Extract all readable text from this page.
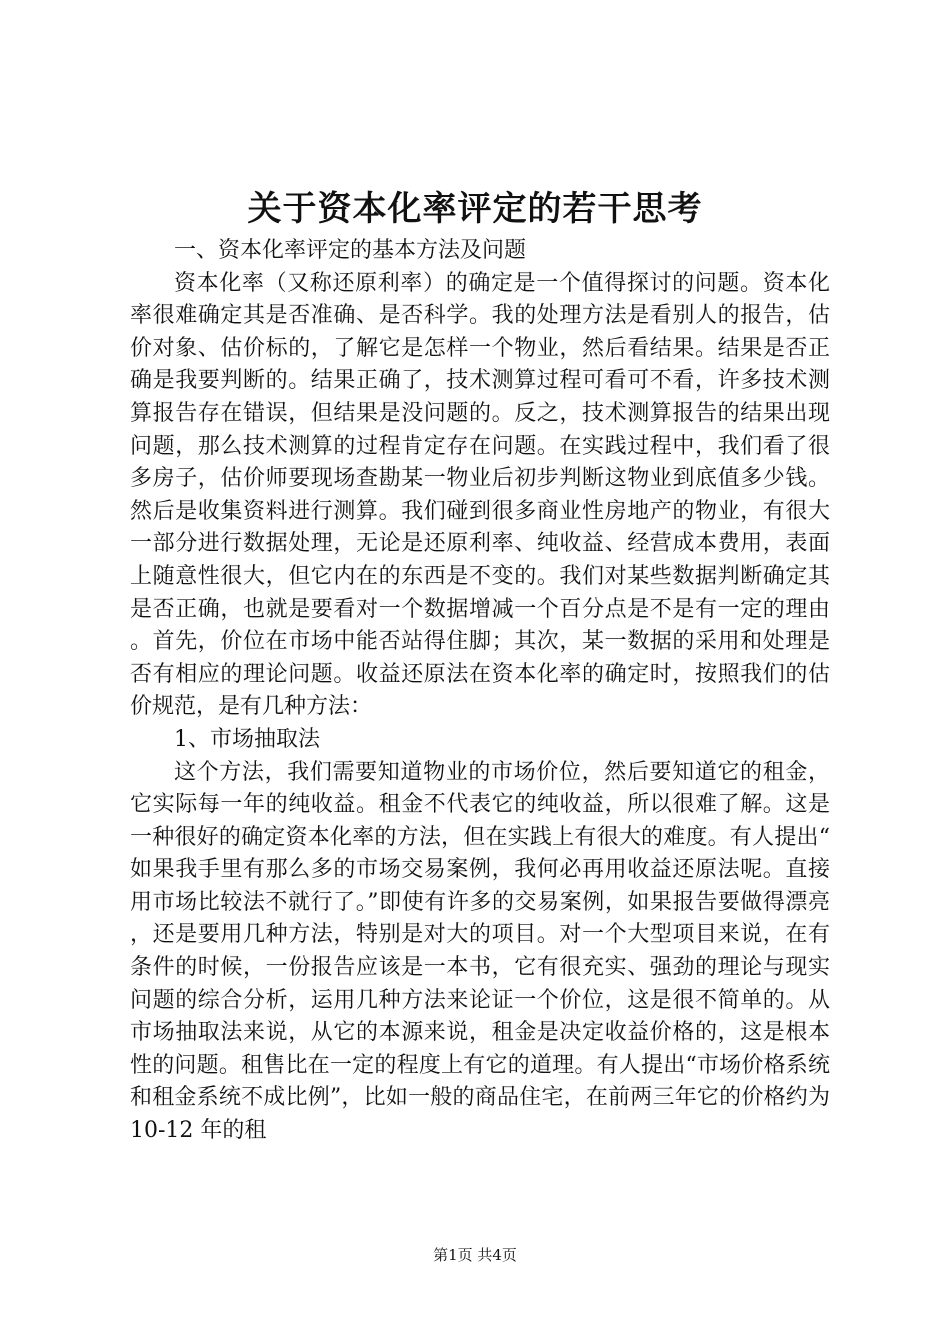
关于资本化率评定的若干思考

一、资本化率评定的基本方法及问题

资本化率（又称还原利率）的确定是一个值得探讨的问题。资本化率很难确定其是否准确、是否科学。我的处理方法是看别人的报告，估价对象、估价标的，了解它是怎样一个物业，然后看结果。结果是否正确是我要判断的。结果正确了，技术测算过程可看可不看，许多技术测算报告存在错误，但结果是没问题的。反之，技术测算报告的结果出现问题，那么技术测算的过程肯定存在问题。在实践过程中，我们看了很多房子，估价师要现场查勘某一物业后初步判断这物业到底值多少钱。然后是收集资料进行测算。我们碰到很多商业性房地产的物业，有很大一部分进行数据处理，无论是还原利率、纯收益、经营成本费用，表面上随意性很大，但它内在的东西是不变的。我们对某些数据判断确定其是否正确，也就是要看对一个数据增减一个百分点是不是有一定的理由。首先，价位在市场中能否站得住脚；其次，某一数据的采用和处理是否有相应的理论问题。收益还原法在资本化率的确定时，按照我们的估价规范，是有几种方法：

1、市场抽取法

这个方法，我们需要知道物业的市场价位，然后要知道它的租金，它实际每一年的纯收益。租金不代表它的纯收益，所以很难了解。这是一种很好的确定资本化率的方法，但在实践上有很大的难度。有人提出“如果我手里有那么多的市场交易案例，我何必再用收益还原法呢。直接用市场比较法不就行了。”即使有许多的交易案例，如果报告要做得漂亮，还是要用几种方法，特别是对大的项目。对一个大型项目来说，在有条件的时候，一份报告应该是一本书，它有很充实、强劲的理论与现实问题的综合分析，运用几种方法来论证一个价位，这是很不简单的。从市场抽取法来说，从它的本源来说，租金是决定收益价格的，这是根本性的问题。租售比在一定的程度上有它的道理。有人提出“市场价格系统和租金系统不成比例”，比如一般的商品住宅，在前两三年它的价格约为 10-12 年的租

第1页 共4页
